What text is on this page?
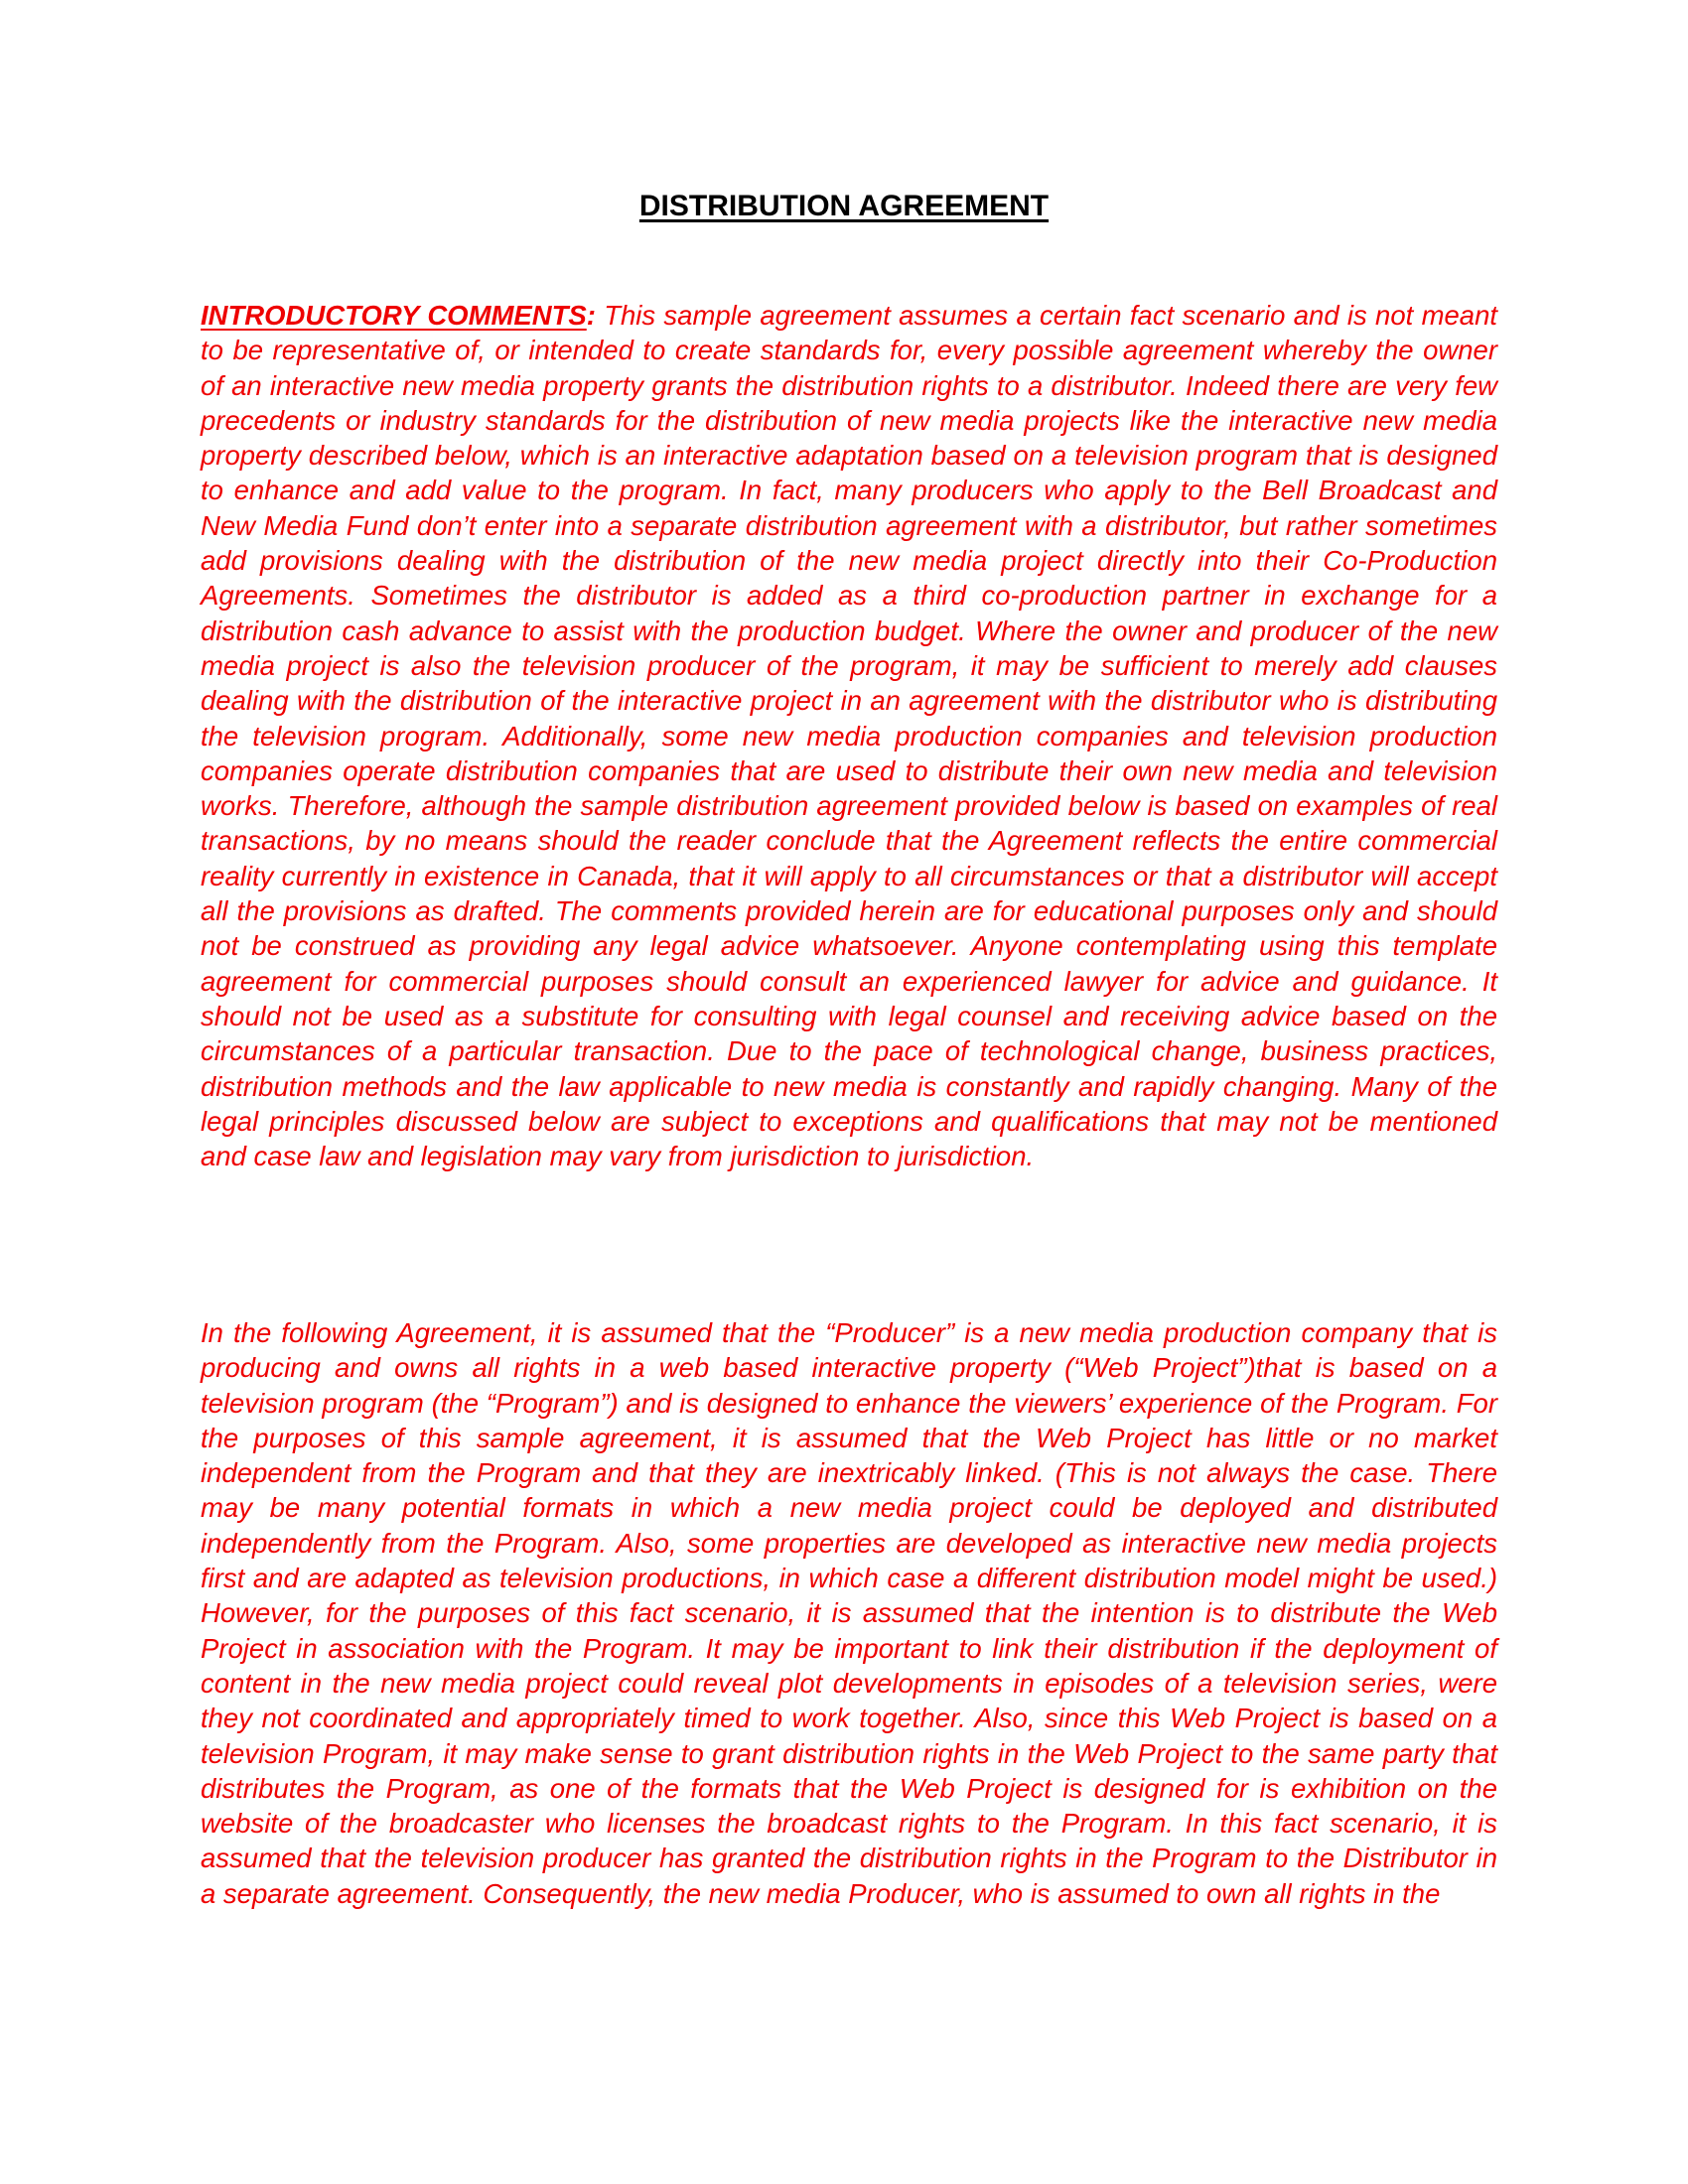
DISTRIBUTION AGREEMENT

INTRODUCTORY COMMENTS: This sample agreement assumes a certain fact scenario and is not meant to be representative of, or intended to create standards for, every possible agreement whereby the owner of an interactive new media property grants the distribution rights to a distributor. Indeed there are very few precedents or industry standards for the distribution of new media projects like the interactive new media property described below, which is an interactive adaptation based on a television program that is designed to enhance and add value to the program. In fact, many producers who apply to the Bell Broadcast and New Media Fund don’t enter into a separate distribution agreement with a distributor, but rather sometimes add provisions dealing with the distribution of the new media project directly into their Co-Production Agreements. Sometimes the distributor is added as a third co-production partner in exchange for a distribution cash advance to assist with the production budget. Where the owner and producer of the new media project is also the television producer of the program, it may be sufficient to merely add clauses dealing with the distribution of the interactive project in an agreement with the distributor who is distributing the television program. Additionally, some new media production companies and television production companies operate distribution companies that are used to distribute their own new media and television works. Therefore, although the sample distribution agreement provided below is based on examples of real transactions, by no means should the reader conclude that the Agreement reflects the entire commercial reality currently in existence in Canada, that it will apply to all circumstances or that a distributor will accept all the provisions as drafted. The comments provided herein are for educational purposes only and should not be construed as providing any legal advice whatsoever. Anyone contemplating using this template agreement for commercial purposes should consult an experienced lawyer for advice and guidance. It should not be used as a substitute for consulting with legal counsel and receiving advice based on the circumstances of a particular transaction. Due to the pace of technological change, business practices, distribution methods and the law applicable to new media is constantly and rapidly changing. Many of the legal principles discussed below are subject to exceptions and qualifications that may not be mentioned and case law and legislation may vary from jurisdiction to jurisdiction.

In the following Agreement, it is assumed that the “Producer” is a new media production company that is producing and owns all rights in a web based interactive property (“Web Project”)that is based on a television program (the “Program”) and is designed to enhance the viewers’ experience of the Program. For the purposes of this sample agreement, it is assumed that the Web Project has little or no market independent from the Program and that they are inextricably linked. (This is not always the case. There may be many potential formats in which a new media project could be deployed and distributed independently from the Program. Also, some properties are developed as interactive new media projects first and are adapted as television productions, in which case a different distribution model might be used.) However, for the purposes of this fact scenario, it is assumed that the intention is to distribute the Web Project in association with the Program. It may be important to link their distribution if the deployment of content in the new media project could reveal plot developments in episodes of a television series, were they not coordinated and appropriately timed to work together. Also, since this Web Project is based on a television Program, it may make sense to grant distribution rights in the Web Project to the same party that distributes the Program, as one of the formats that the Web Project is designed for is exhibition on the website of the broadcaster who licenses the broadcast rights to the Program. In this fact scenario, it is assumed that the television producer has granted the distribution rights in the Program to the Distributor in a separate agreement. Consequently, the new media Producer, who is assumed to own all rights in the
